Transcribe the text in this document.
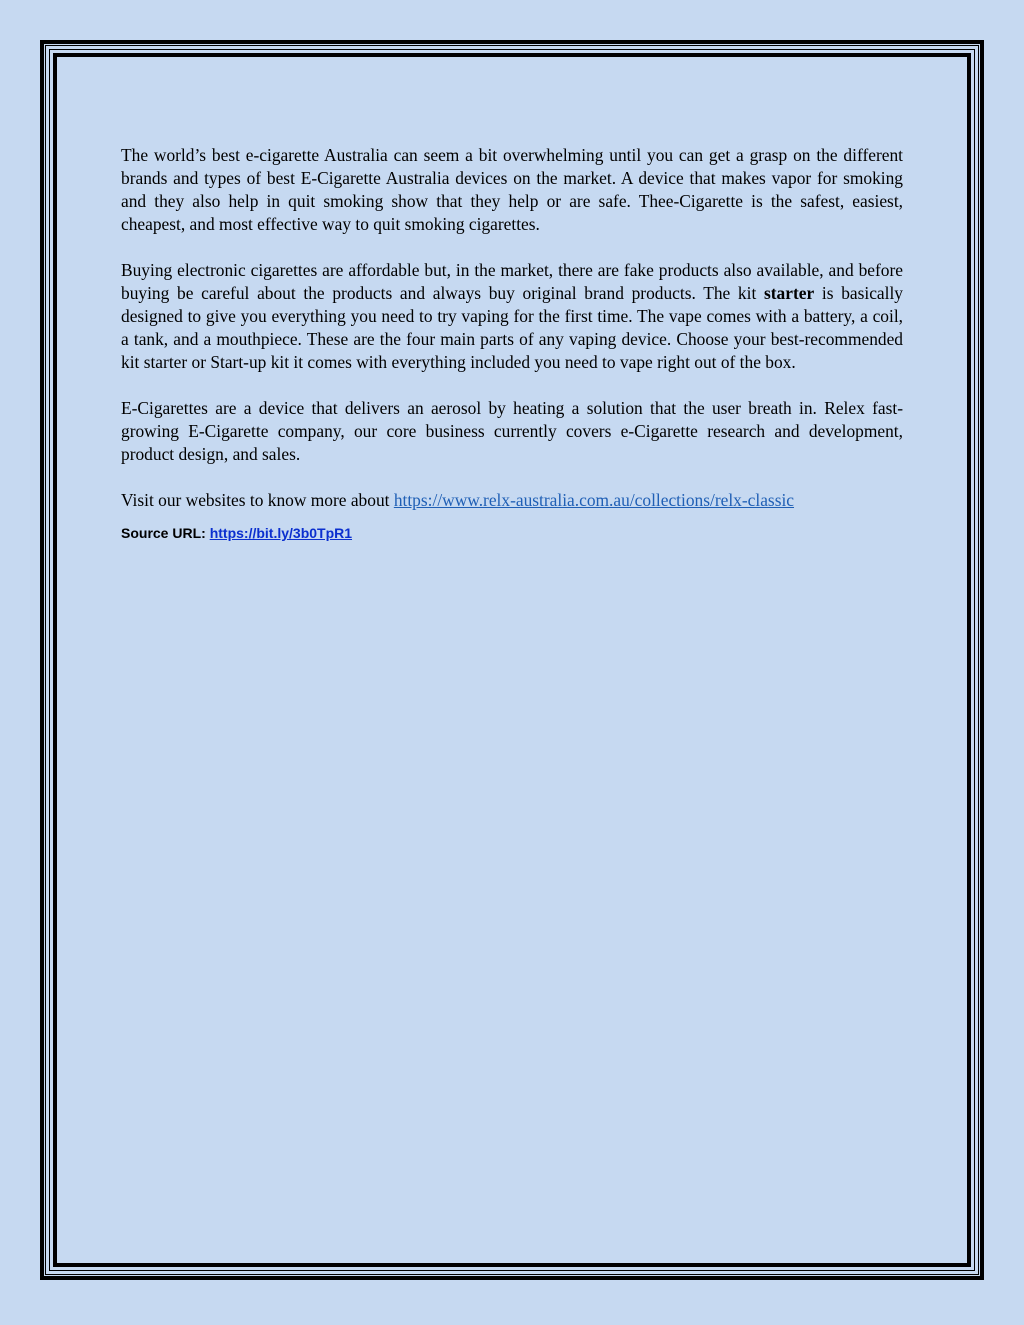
The world’s best e-cigarette Australia can seem a bit overwhelming until you can get a grasp on the different brands and types of best E-Cigarette Australia devices on the market. A device that makes vapor for smoking and they also help in quit smoking show that they help or are safe. Thee-Cigarette is the safest, easiest, cheapest, and most effective way to quit smoking cigarettes.

Buying electronic cigarettes are affordable but, in the market, there are fake products also available, and before buying be careful about the products and always buy original brand products. The kit starter is basically designed to give you everything you need to try vaping for the first time. The vape comes with a battery, a coil, a tank, and a mouthpiece. These are the four main parts of any vaping device. Choose your best-recommended kit starter or Start-up kit it comes with everything included you need to vape right out of the box.

E-Cigarettes are a device that delivers an aerosol by heating a solution that the user breath in. Relex fast-growing E-Cigarette company, our core business currently covers e-Cigarette research and development, product design, and sales.

Visit our websites to know more about https://www.relx-australia.com.au/collections/relx-classic

Source URL: https://bit.ly/3b0TpR1
